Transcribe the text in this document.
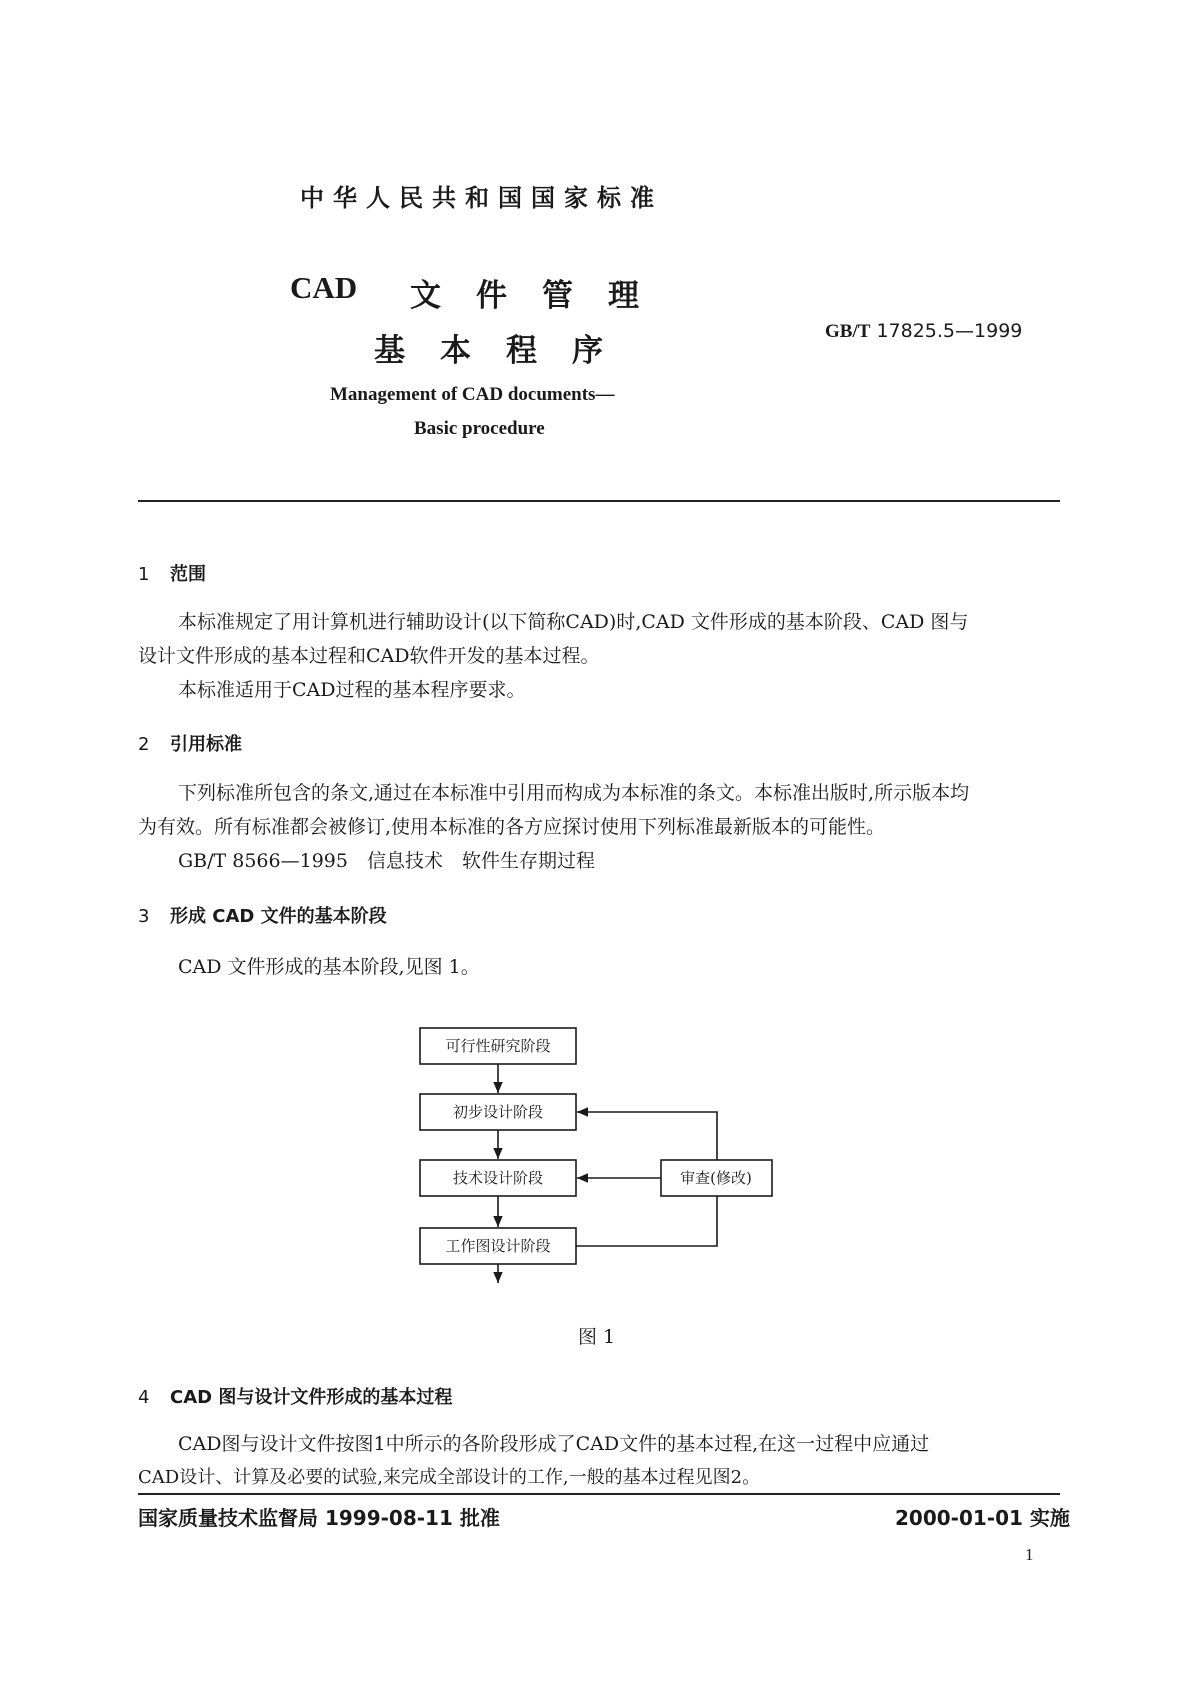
中华人民共和国国家标准
CAD 文件管理
基本程序
GB/T 17825.5—1999
Management of CAD documents—
Basic procedure
1 范围
本标准规定了用计算机进行辅助设计(以下简称CAD)时,CAD 文件形成的基本阶段、CAD 图与
设计文件形成的基本过程和CAD软件开发的基本过程。
本标准适用于CAD过程的基本程序要求。
2 引用标准
下列标准所包含的条文,通过在本标准中引用而构成为本标准的条文。本标准出版时,所示版本均
为有效。所有标准都会被修订,使用本标准的各方应探讨使用下列标准最新版本的可能性。
GB/T 8566—1995　信息技术　软件生存期过程
3 形成 CAD 文件的基本阶段
CAD 文件形成的基本阶段,见图 1。
可行性研究阶段
初步设计阶段
技术设计阶段
工作图设计阶段
审查(修改)
图 1
4 CAD 图与设计文件形成的基本过程
CAD图与设计文件按图1中所示的各阶段形成了CAD文件的基本过程,在这一过程中应通过
CAD设计、计算及必要的试验,来完成全部设计的工作,一般的基本过程见图2。
国家质量技术监督局 1999-08-11 批准	2000-01-01 实施
1
